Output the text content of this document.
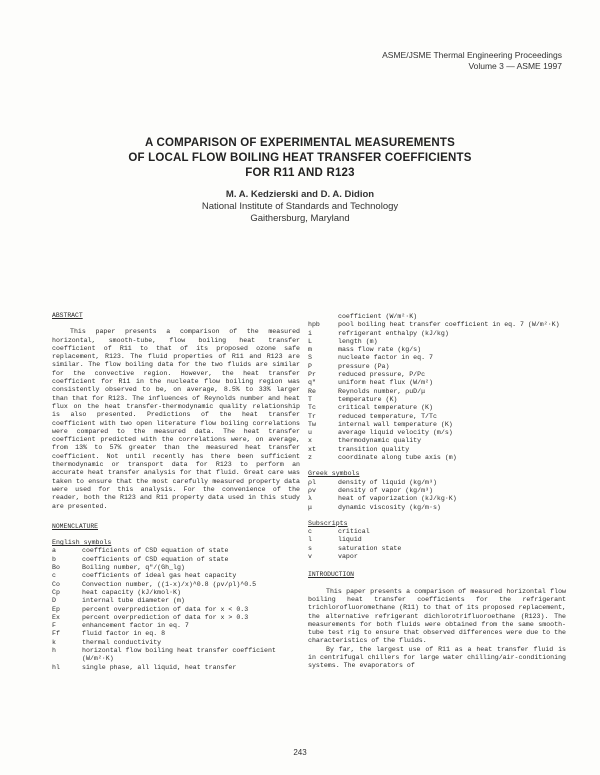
ASME/JSME Thermal Engineering Proceedings
Volume 3 — ASME 1997
A COMPARISON OF EXPERIMENTAL MEASUREMENTS
OF LOCAL FLOW BOILING HEAT TRANSFER COEFFICIENTS
FOR R11 AND R123
M. A. Kedzierski and D. A. Didion
National Institute of Standards and Technology
Gaithersburg, Maryland
ABSTRACT
This paper presents a comparison of the measured horizontal, smooth-tube, flow boiling heat transfer coefficient of R11 to that of its proposed ozone safe replacement, R123. The fluid properties of R11 and R123 are similar. The flow boiling data for the two fluids are similar for the convective region. However, the heat transfer coefficient for R11 in the nucleate flow boiling region was consistently observed to be, on average, 8.5% to 33% larger than that for R123. The influences of Reynolds number and heat flux on the heat transfer-thermodynamic quality relationship is also presented. Predictions of the heat transfer coefficient with two open literature flow boiling correlations were compared to the measured data. The heat transfer coefficient predicted with the correlations were, on average, from 13% to 57% greater than the measured heat transfer coefficient. Not until recently has there been sufficient thermodynamic or transport data for R123 to perform an accurate heat transfer analysis for that fluid. Great care was taken to ensure that the most carefully measured property data were used for this analysis. For the convenience of the reader, both the R123 and R11 property data used in this study are presented.
NOMENCLATURE
English symbols
a	coefficients of CSD equation of state
b	coefficients of CSD equation of state
Bo	Boiling number, q"/(Gh_lg)
c	coefficients of ideal gas heat capacity
Co	Convection number, ((1-x)/x)^0.8 (ρv/ρl)^0.5
Cp	heat capacity (kJ/kmol·K)
D	internal tube diameter (m)
Ep	percent overprediction of data for x < 0.3
Ex	percent overprediction of data for x > 0.3
F	enhancement factor in eq. 7
Ff	fluid factor in eq. 8
k	thermal conductivity
h	horizontal flow boiling heat transfer coefficient (W/m²·K)
hl	single phase, all liquid, heat transfer
coefficient (W/m²·K)
hpb	pool boiling heat transfer coefficient in eq. 7 (W/m²·K)
i	refrigerant enthalpy (kJ/kg)
L	length (m)
m	mass flow rate (kg/s)
S	nucleate factor in eq. 7
P	pressure (Pa)
Pr	reduced pressure, P/Pc
q"	uniform heat flux (W/m²)
Re	Reynolds number, ρuD/μ
T	temperature (K)
Tc	critical temperature (K)
Tr	reduced temperature, T/Tc
Tw	internal wall temperature (K)
u	average liquid velocity (m/s)
x	thermodynamic quality
xt	transition quality
z	coordinate along tube axis (m)
Greek symbols
ρl	density of liquid (kg/m³)
ρv	density of vapor (kg/m³)
λ	heat of vaporization (kJ/kg·K)
μ	dynamic viscosity (kg/m·s)
Subscripts
c	critical
l	liquid
s	saturation state
v	vapor
INTRODUCTION
This paper presents a comparison of measured horizontal flow boiling heat transfer coefficients for the refrigerant trichlorofluoromethane (R11) to that of its proposed replacement, the alternative refrigerant dichlorotrifluoroethane (R123). The measurements for both fluids were obtained from the same smooth-tube test rig to ensure that observed differences were due to the characteristics of the fluids.
By far, the largest use of R11 as a heat transfer fluid is in centrifugal chillers for large water chilling/air-conditioning systems. The evaporators of
243
